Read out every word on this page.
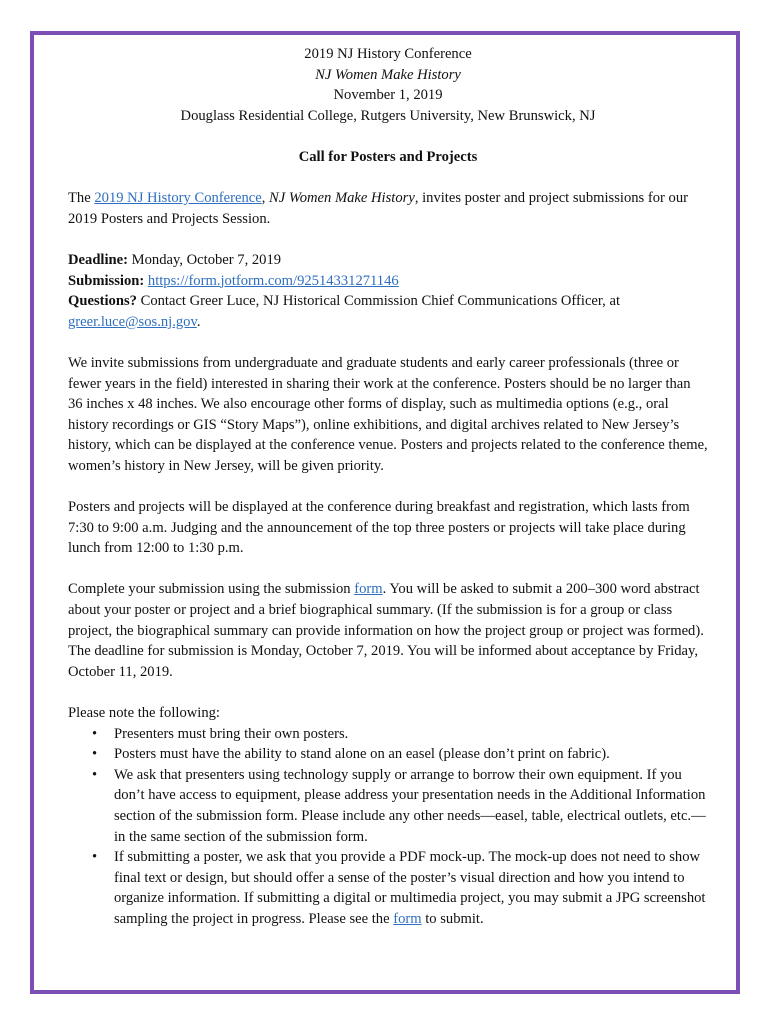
2019 NJ History Conference

NJ Women Make History

November 1, 2019

Douglass Residential College, Rutgers University, New Brunswick, NJ

Call for Posters and Projects

The 2019 NJ History Conference, NJ Women Make History, invites poster and project submissions for our 2019 Posters and Projects Session.

Deadline: Monday, October 7, 2019

Submission: https://form.jotform.com/92514331271146

Questions? Contact Greer Luce, NJ Historical Commission Chief Communications Officer, at greer.luce@sos.nj.gov.

We invite submissions from undergraduate and graduate students and early career professionals (three or fewer years in the field) interested in sharing their work at the conference. Posters should be no larger than 36 inches x 48 inches. We also encourage other forms of display, such as multimedia options (e.g., oral history recordings or GIS “Story Maps”), online exhibitions, and digital archives related to New Jersey’s history, which can be displayed at the conference venue. Posters and projects related to the conference theme, women’s history in New Jersey, will be given priority.

Posters and projects will be displayed at the conference during breakfast and registration, which lasts from 7:30 to 9:00 a.m. Judging and the announcement of the top three posters or projects will take place during lunch from 12:00 to 1:30 p.m.

Complete your submission using the submission form. You will be asked to submit a 200–300 word abstract about your poster or project and a brief biographical summary. (If the submission is for a group or class project, the biographical summary can provide information on how the project group or project was formed). The deadline for submission is Monday, October 7, 2019. You will be informed about acceptance by Friday, October 11, 2019.

Please note the following:

• Presenters must bring their own posters.
• Posters must have the ability to stand alone on an easel (please don’t print on fabric).
• We ask that presenters using technology supply or arrange to borrow their own equipment. If you don’t have access to equipment, please address your presentation needs in the Additional Information section of the submission form. Please include any other needs—easel, table, electrical outlets, etc.—in the same section of the submission form.
• If submitting a poster, we ask that you provide a PDF mock-up. The mock-up does not need to show final text or design, but should offer a sense of the poster’s visual direction and how you intend to organize information. If submitting a digital or multimedia project, you may submit a JPG screenshot sampling the project in progress. Please see the form to submit.
